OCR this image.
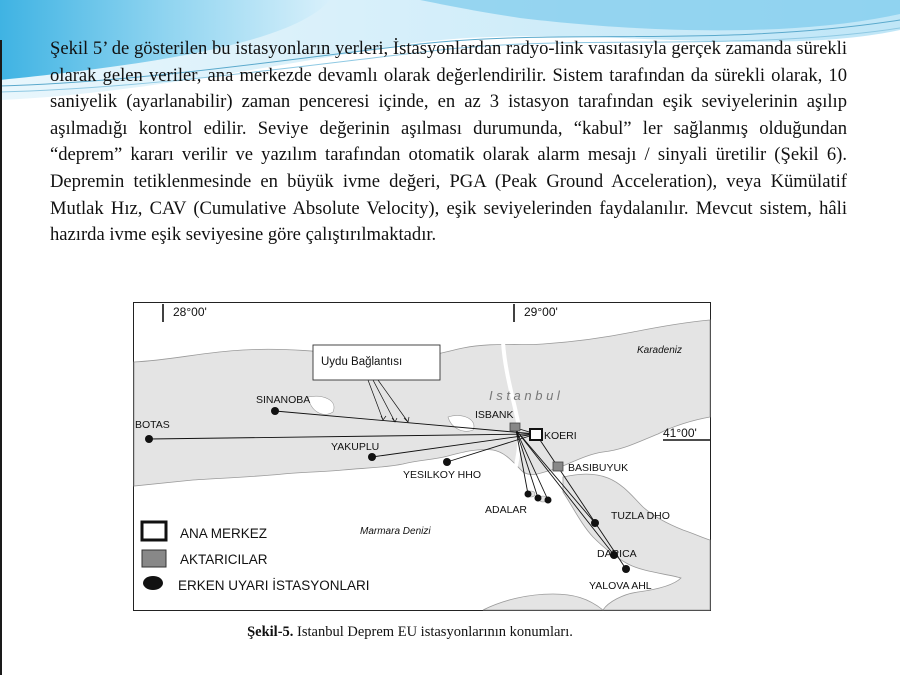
Şekil 5’ de gösterilen bu istasyonların yerleri, İstasyonlardan radyo-link vasıtasıyla gerçek zamanda sürekli olarak gelen veriler, ana merkezde devamlı olarak değerlendirilir. Sistem tarafından da sürekli olarak, 10 saniyelik (ayarlanabilir) zaman penceresi içinde, en az 3 istasyon tarafından eşik seviyelerinin aşılıp aşılmadığı kontrol edilir. Seviye değerinin aşılması durumunda, “kabul” ler sağlanmış olduğundan “deprem” kararı verilir ve yazılım tarafından otomatik olarak alarm mesajı / sinyali üretilir (Şekil 6). Depremin tetiklenmesinde en büyük ivme değeri, PGA (Peak Ground Acceleration), veya Kümülatif Mutlak Hız, CAV (Cumulative Absolute Velocity), eşik seviyelerinden faydalanılır. Mevcut sistem, hâli hazırda ivme eşik seviyesine göre çalıştırılmaktadır.

28°00'	29°00'
41°00'
Karadeniz
Marmara Denizi
I s t a n b u l
Uydu Bağlantısı
KOERI
ISBANK
BASIBUYUK
SINANOBA
BOTAS
YAKUPLU
YESILKOY HHO
ADALAR	TUZLA DHO
DARICA
YALOVA AHL
ANA MERKEZ
AKTARICILAR
ERKEN UYARI İSTASYONLARI
Şekil-5. Istanbul Deprem EU istasyonlarının konumları.
